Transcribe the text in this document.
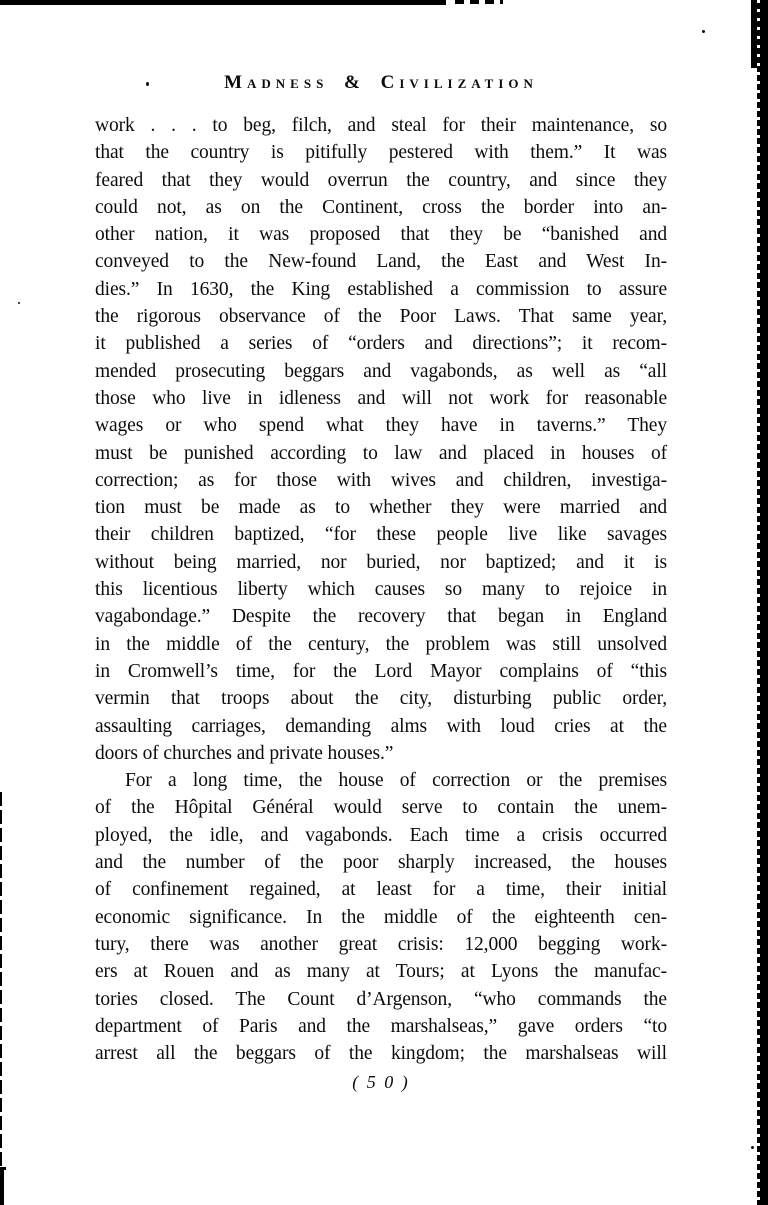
Madness & Civilization
work . . . to beg, filch, and steal for their maintenance, so
that the country is pitifully pestered with them.” It was
feared that they would overrun the country, and since they
could not, as on the Continent, cross the border into an-
other nation, it was proposed that they be “banished and
conveyed to the New-found Land, the East and West In-
dies.” In 1630, the King established a commission to assure
the rigorous observance of the Poor Laws. That same year,
it published a series of “orders and directions”; it recom-
mended prosecuting beggars and vagabonds, as well as “all
those who live in idleness and will not work for reasonable
wages or who spend what they have in taverns.” They
must be punished according to law and placed in houses of
correction; as for those with wives and children, investiga-
tion must be made as to whether they were married and
their children baptized, “for these people live like savages
without being married, nor buried, nor baptized; and it is
this licentious liberty which causes so many to rejoice in
vagabondage.” Despite the recovery that began in England
in the middle of the century, the problem was still unsolved
in Cromwell’s time, for the Lord Mayor complains of “this
vermin that troops about the city, disturbing public order,
assaulting carriages, demanding alms with loud cries at the
doors of churches and private houses.”
For a long time, the house of correction or the premises
of the Hôpital Général would serve to contain the unem-
ployed, the idle, and vagabonds. Each time a crisis occurred
and the number of the poor sharply increased, the houses
of confinement regained, at least for a time, their initial
economic significance. In the middle of the eighteenth cen-
tury, there was another great crisis: 12,000 begging work-
ers at Rouen and as many at Tours; at Lyons the manufac-
tories closed. The Count d’Argenson, “who commands the
department of Paris and the marshalseas,” gave orders “to
arrest all the beggars of the kingdom; the marshalseas will
( 5 0 )
